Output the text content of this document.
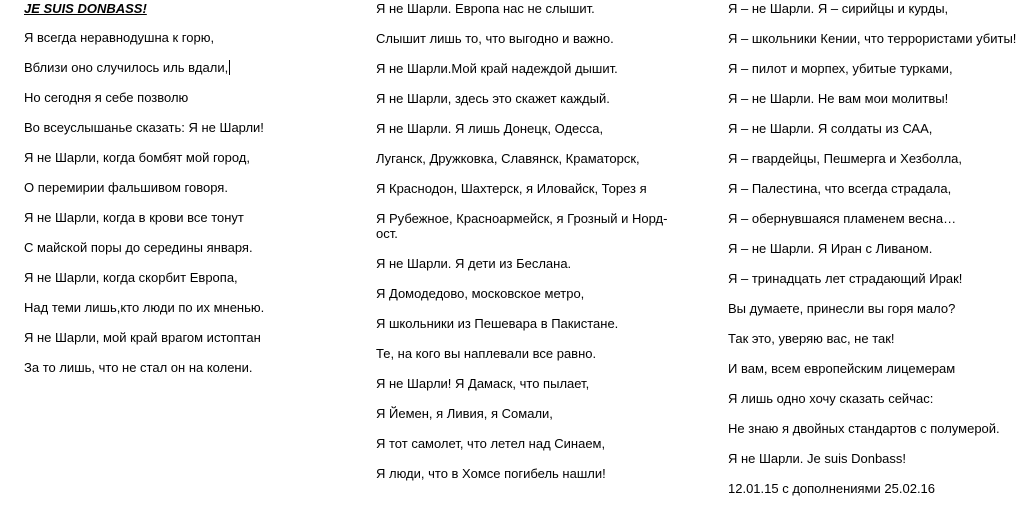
JE SUIS DONBASS!
Я всегда неравнодушна к горю,
Вблизи оно случилось иль вдали,
Но сегодня я себе позволю
Во всеуслышанье сказать: Я не Шарли!
Я не Шарли, когда бомбят мой город,
О перемирии фальшивом говоря.
Я не Шарли, когда в крови все тонут
С майской поры до середины января.
Я не Шарли, когда скорбит Европа,
Над теми лишь,кто люди по их мненью.
Я не Шарли, мой край врагом истоптан
За то лишь, что не стал он на колени.
Я не Шарли. Европа нас не слышит.
Слышит лишь то, что выгодно и важно.
Я не Шарли.Мой край надеждой дышит.
Я не Шарли, здесь это скажет каждый.
Я не Шарли. Я лишь Донецк, Одесса,
Луганск, Дружковка, Славянск, Краматорск,
Я Краснодон, Шахтерск, я Иловайск, Торез я
Я Рубежное, Красноармейск, я Грозный и Норд-
ост.
Я не Шарли. Я дети из Беслана.
Я Домодедово, московское метро,
Я школьники из Пешевара в Пакистане.
Те, на кого вы наплевали все равно.
Я не Шарли! Я Дамаск, что пылает,
Я Йемен, я Ливия, я Сомали,
Я тот самолет, что летел над Синаем,
Я люди, что в Хомсе погибель нашли!
Я – не Шарли. Я – сирийцы и курды,
Я – школьники Кении, что террористами убиты!
Я – пилот и морпех, убитые турками,
Я – не Шарли. Не вам мои молитвы!
Я – не Шарли. Я солдаты из САА,
Я – гвардейцы, Пешмерга и Хезболла,
Я – Палестина, что всегда страдала,
Я – обернувшаяся пламенем весна…
Я – не Шарли. Я Иран с Ливаном.
Я – тринадцать лет страдающий Ирак!
Вы думаете, принесли вы горя мало?
Так это, уверяю вас, не так!
И вам, всем европейским лицемерам
Я лишь одно хочу сказать сейчас:
Не знаю я двойных стандартов с полумерой.
Я не Шарли. Je suis Donbass!
12.01.15 с дополнениями 25.02.16
